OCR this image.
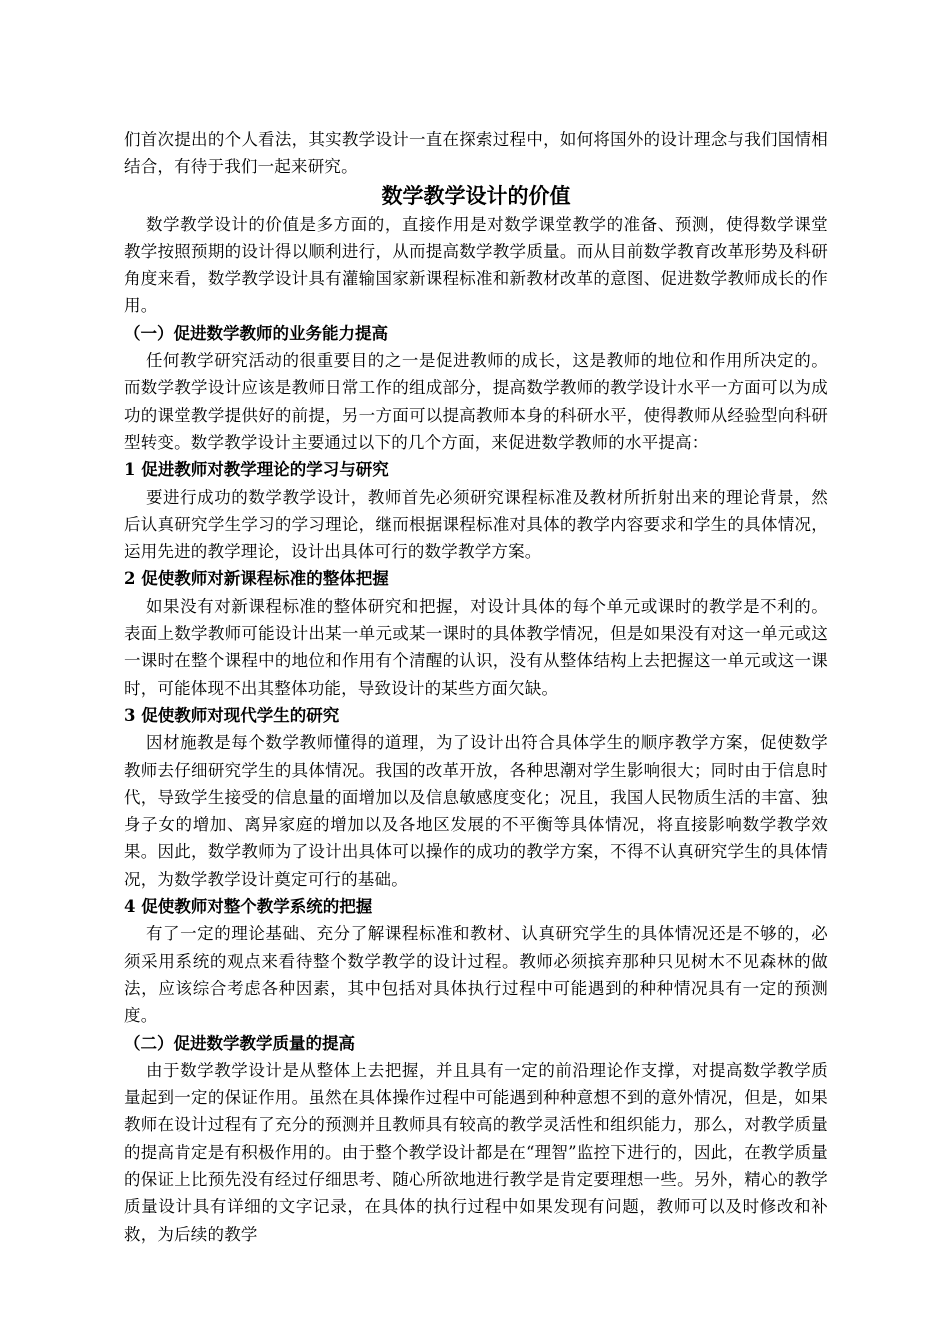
们首次提出的个人看法，其实教学设计一直在探索过程中，如何将国外的设计理念与我们国情相结合，有待于我们一起来研究。

数学教学设计的价值

数学教学设计的价值是多方面的，直接作用是对数学课堂教学的准备、预测，使得数学课堂教学按照预期的设计得以顺利进行，从而提高数学教学质量。而从目前数学教育改革形势及科研角度来看，数学教学设计具有灌输国家新课程标准和新教材改革的意图、促进数学教师成长的作用。

（一）促进数学教师的业务能力提高

任何教学研究活动的很重要目的之一是促进教师的成长，这是教师的地位和作用所决定的。而数学教学设计应该是教师日常工作的组成部分，提高数学教师的教学设计水平一方面可以为成功的课堂教学提供好的前提，另一方面可以提高教师本身的科研水平，使得教师从经验型向科研型转变。数学教学设计主要通过以下的几个方面，来促进数学教师的水平提高：

1 促进教师对教学理论的学习与研究

要进行成功的数学教学设计，教师首先必须研究课程标准及教材所折射出来的理论背景，然后认真研究学生学习的学习理论，继而根据课程标准对具体的教学内容要求和学生的具体情况，运用先进的教学理论，设计出具体可行的数学教学方案。

2 促使教师对新课程标准的整体把握

如果没有对新课程标准的整体研究和把握，对设计具体的每个单元或课时的教学是不利的。表面上数学教师可能设计出某一单元或某一课时的具体教学情况，但是如果没有对这一单元或这一课时在整个课程中的地位和作用有个清醒的认识，没有从整体结构上去把握这一单元或这一课时，可能体现不出其整体功能，导致设计的某些方面欠缺。

3 促使教师对现代学生的研究

因材施教是每个数学教师懂得的道理，为了设计出符合具体学生的顺序教学方案，促使数学教师去仔细研究学生的具体情况。我国的改革开放，各种思潮对学生影响很大；同时由于信息时代，导致学生接受的信息量的面增加以及信息敏感度变化；况且，我国人民物质生活的丰富、独身子女的增加、离异家庭的增加以及各地区发展的不平衡等具体情况，将直接影响数学教学效果。因此，数学教师为了设计出具体可以操作的成功的教学方案，不得不认真研究学生的具体情况，为数学教学设计奠定可行的基础。

4 促使教师对整个教学系统的把握

有了一定的理论基础、充分了解课程标准和教材、认真研究学生的具体情况还是不够的，必须采用系统的观点来看待整个数学教学的设计过程。教师必须摈弃那种只见树木不见森林的做法，应该综合考虑各种因素，其中包括对具体执行过程中可能遇到的种种情况具有一定的预测度。

（二）促进数学教学质量的提高

由于数学教学设计是从整体上去把握，并且具有一定的前沿理论作支撑，对提高数学教学质量起到一定的保证作用。虽然在具体操作过程中可能遇到种种意想不到的意外情况，但是，如果教师在设计过程有了充分的预测并且教师具有较高的教学灵活性和组织能力，那么，对教学质量的提高肯定是有积极作用的。由于整个教学设计都是在“理智”监控下进行的，因此，在教学质量的保证上比预先没有经过仔细思考、随心所欲地进行教学是肯定要理想一些。另外，精心的教学质量设计具有详细的文字记录，在具体的执行过程中如果发现有问题，教师可以及时修改和补救，为后续的教学
